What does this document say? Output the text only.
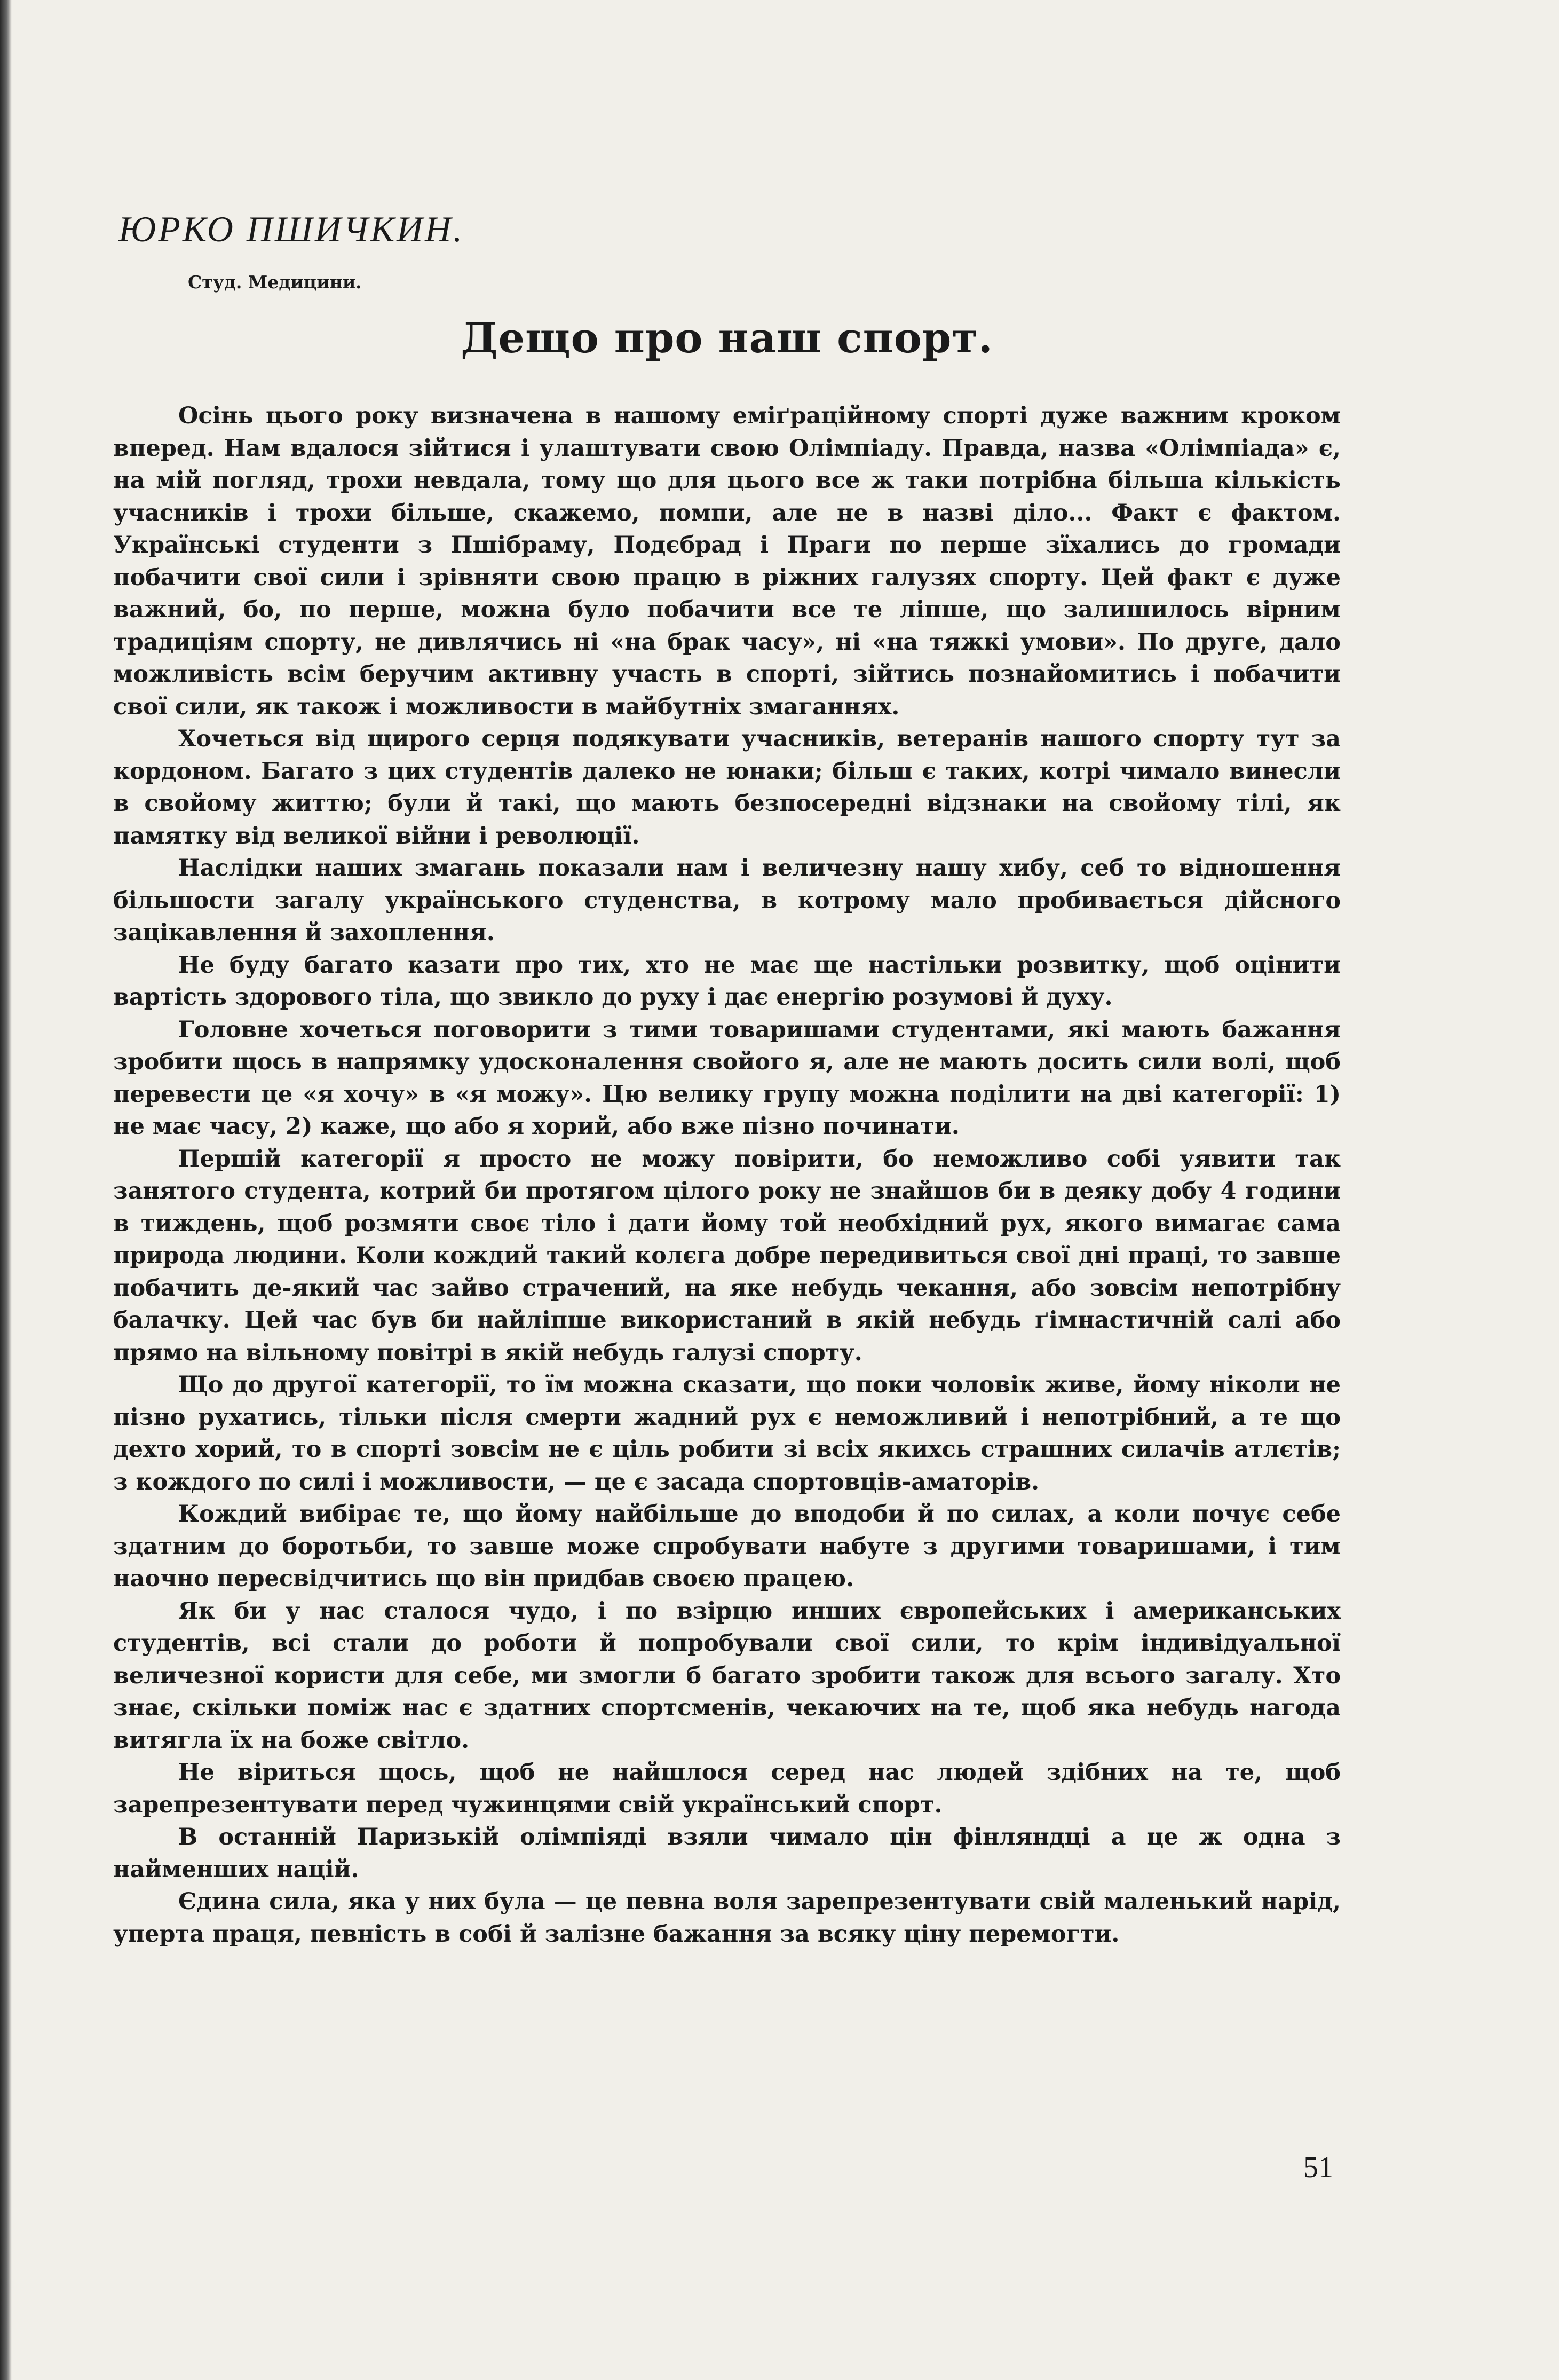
ЮРКО ПШИЧКИН.
Студ. Медицини.
Дещо про наш спорт.

Осінь цього року визначена в нашому еміґраційному спорті дуже важним кроком вперед. Нам вдалося зійтися і улаштувати свою Олімпіаду. Правда, назва «Олімпіада» є, на мій погляд, трохи невдала, тому що для цього все ж таки потрібна більша кількість учасників і трохи більше, скажемо, помпи, але не в назві діло... Факт є фактом. Українські студенти з Пшібраму, Подєбрад і Праги по перше зїхались до громади побачити свої сили і зрівняти свою працю в ріжних галузях спорту. Цей факт є дуже важний, бо, по перше, можна було побачити все те ліпше, що залишилось вірним традиціям спорту, не дивлячись ні «на брак часу», ні «на тяжкі умови». По друге, дало можливість всім беручим активну участь в спорті, зійтись познайомитись і побачити свої сили, як також і можливости в майбутніх змаганнях.

Хочеться від щирого серця подякувати учасників, ветеранів нашого спорту тут за кордоном. Багато з цих студентів далеко не юнаки; більш є таких, котрі чимало винесли в свойому життю; були й такі, що мають безпосередні відзнаки на свойому тілі, як памятку від великої війни і революції.

Наслідки наших змагань показали нам і величезну нашу хибу, себ то відношення більшости загалу українського студенства, в котрому мало пробивається дійсного зацікавлення й захоплення.

Не буду багато казати про тих, хто не має ще настільки розвитку, щоб оцінити вартість здорового тіла, що звикло до руху і дає енергію розумові й духу.

Головне хочеться поговорити з тими товаришами студентами, які мають бажання зробити щось в напрямку удосконалення свойого я, але не мають досить сили волі, щоб перевести це «я хочу» в «я можу». Цю велику групу можна поділити на дві категорії: 1) не має часу, 2) каже, що або я хорий, або вже пізно починати.

Першій категорії я просто не можу повірити, бо неможливо собі уявити так занятого студента, котрий би протягом цілого року не знайшов би в деяку добу 4 години в тиждень, щоб розмяти своє тіло і дати йому той необхідний рух, якого вимагає сама природа людини. Коли кождий такий колєга добре передивиться свої дні праці, то завше побачить де-який час зайво страчений, на яке небудь чекання, або зовсім непотрібну балачку. Цей час був би найліпше використаний в якій небудь ґімнастичній салі або прямо на вільному повітрі в якій небудь галузі спорту.

Що до другої категорії, то їм можна сказати, що поки чоловік живе, йому ніколи не пізно рухатись, тільки після смерти жадний рух є неможливий і непотрібний, а те що дехто хорий, то в спорті зовсім не є ціль робити зі всіх якихсь страшних силачів атлєтів; з кождого по силі і можливости, — це є засада спортовців-аматорів.

Кождий вибірає те, що йому найбільше до вподоби й по силах, а коли почує себе здатним до боротьби, то завше може спробувати набуте з другими товаришами, і тим наочно пересвідчитись що він придбав своєю працею.

Як би у нас сталося чудо, і по взірцю инших європейських і американських студентів, всі стали до роботи й попробували свої сили, то крім індивідуальної величезної користи для себе, ми змогли б багато зробити також для всього загалу. Хто знає, скільки поміж нас є здатних спортсменів, чекаючих на те, щоб яка небудь нагода витягла їх на боже світло.

Не віриться щось, щоб не найшлося серед нас людей здібних на те, щоб зарепрезентувати перед чужинцями свій український спорт.

В останній Паризькій олімпіяді взяли чимало цін фінляндці а це ж одна з найменших націй.

Єдина сила, яка у них була — це певна воля зарепрезентувати свій маленький нарід, уперта праця, певність в собі й залізне бажання за всяку ціну перемогти.

51
